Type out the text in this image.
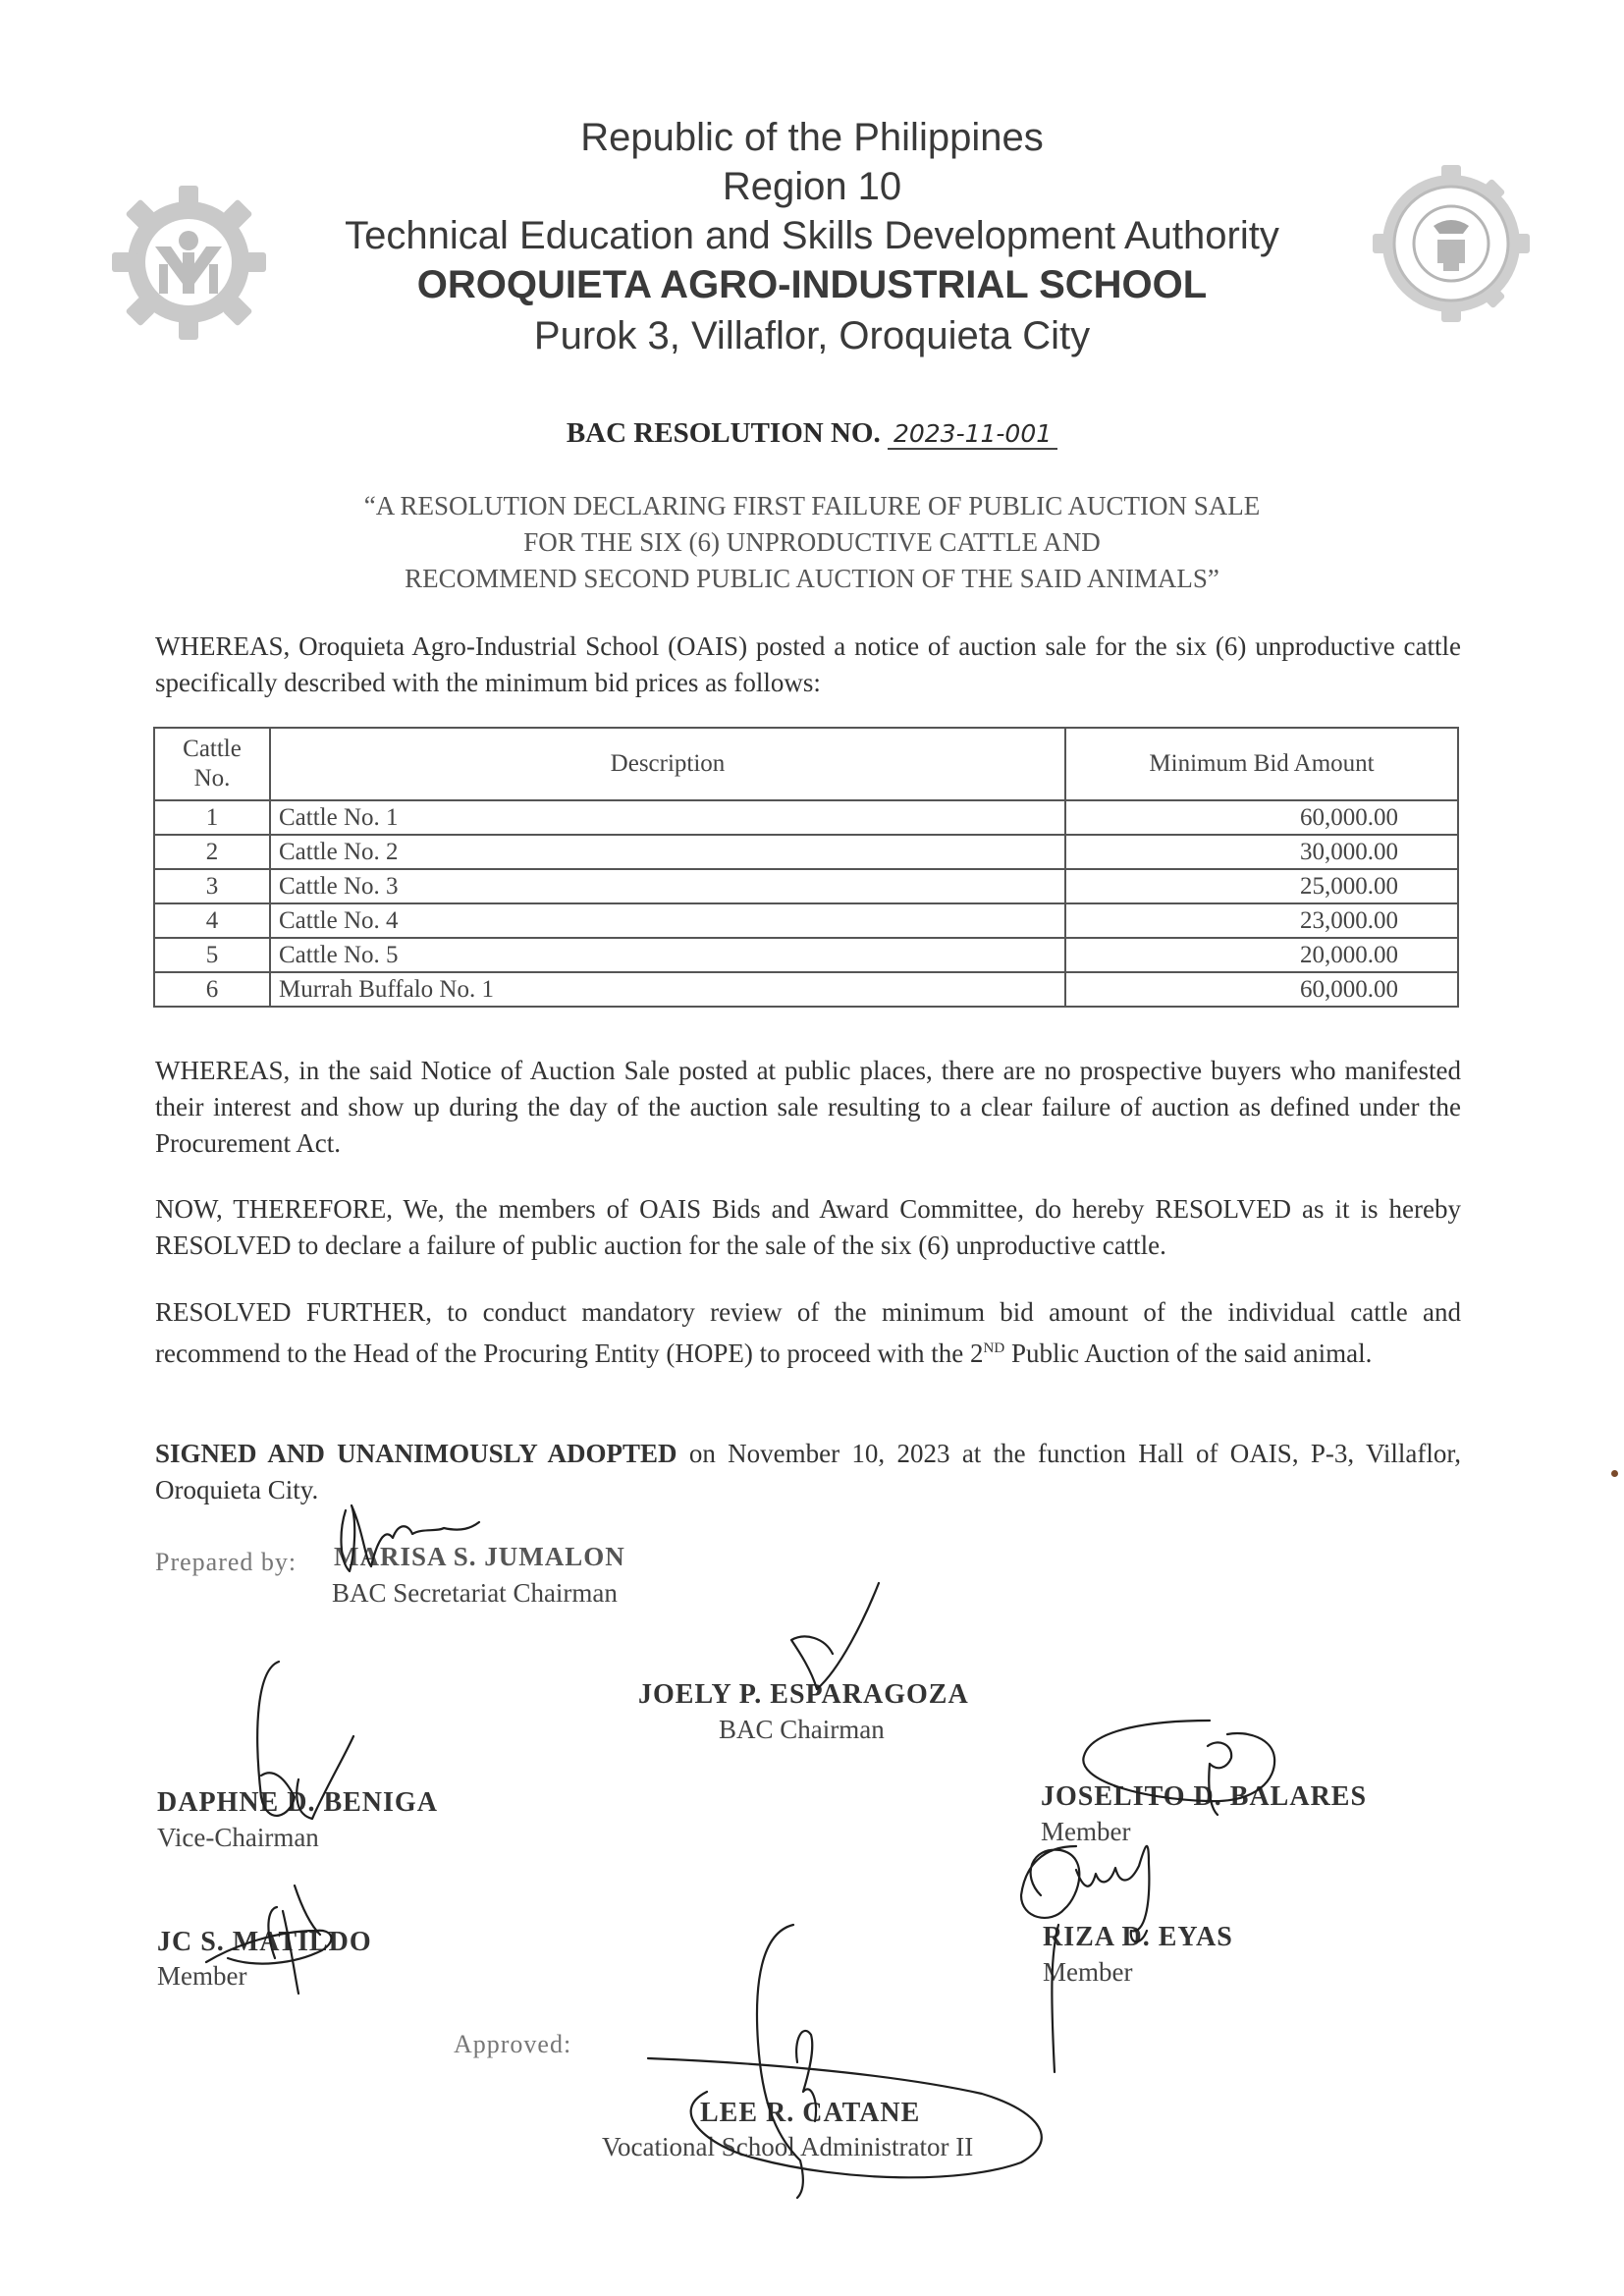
Republic of the Philippines
Region 10
Technical Education and Skills Development Authority
OROQUIETA AGRO-INDUSTRIAL SCHOOL
Purok 3, Villaflor, Oroquieta City
BAC RESOLUTION NO. 2023-11-001
“A RESOLUTION DECLARING FIRST FAILURE OF PUBLIC AUCTION SALE
FOR THE SIX (6) UNPRODUCTIVE CATTLE AND
RECOMMEND SECOND PUBLIC AUCTION OF THE SAID ANIMALS”
WHEREAS, Oroquieta Agro-Industrial School (OAIS) posted a notice of auction sale for the six (6) unproductive cattle specifically described with the minimum bid prices as follows:
Cattle No.	Description	Minimum Bid Amount
1	Cattle No. 1	60,000.00
2	Cattle No. 2	30,000.00
3	Cattle No. 3	25,000.00
4	Cattle No. 4	23,000.00
5	Cattle No. 5	20,000.00
6	Murrah Buffalo No. 1	60,000.00
WHEREAS, in the said Notice of Auction Sale posted at public places, there are no prospective buyers who manifested their interest and show up during the day of the auction sale resulting to a clear failure of auction as defined under the Procurement Act.
NOW, THEREFORE, We, the members of OAIS Bids and Award Committee, do hereby RESOLVED as it is hereby RESOLVED to declare a failure of public auction for the sale of the six (6) unproductive cattle.
RESOLVED FURTHER, to conduct mandatory review of the minimum bid amount of the individual cattle and recommend to the Head of the Procuring Entity (HOPE) to proceed with the 2ND Public Auction of the said animal.
SIGNED AND UNANIMOUSLY ADOPTED on November 10, 2023 at the function Hall of OAIS, P-3, Villaflor, Oroquieta City.
Prepared by: MARISA S. JUMALON
BAC Secretariat Chairman
JOELY P. ESPARAGOZA
BAC Chairman
DAPHNE D. BENIGA
Vice-Chairman
JOSELITO D. BALARES
Member
JC S. MATILDO
Member
RIZA D. EYAS
Member
Approved:
LEE R. CATANE
Vocational School Administrator II
